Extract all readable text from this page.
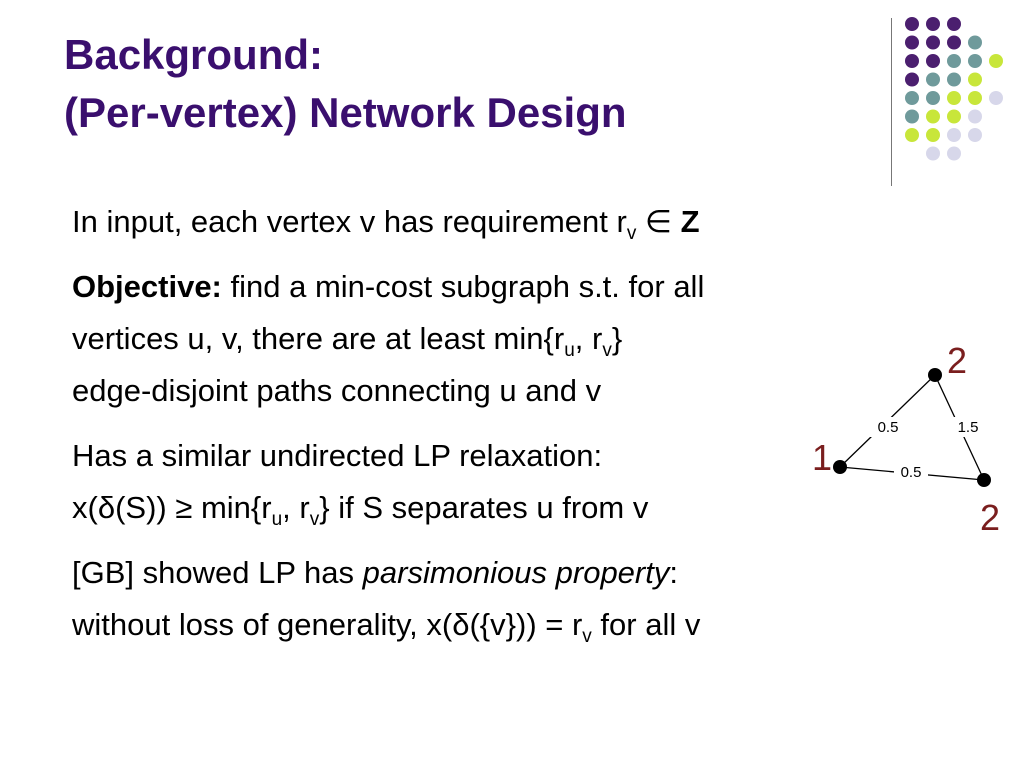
Background:
(Per-vertex) Network Design
In input, each vertex v has requirement $r_v$ ∈ Z
Objective: find a min-cost subgraph s.t. for all
vertices u, v, there are at least $\min\{r_u$, $r_v$}
edge-disjoint paths connecting u and v
Has a similar undirected LP relaxation:
$x(\delta(S)) \ge \min\{r_u$, $r_v$} if S separates u from v
[GB] showed LP has parsimonious property:
without loss of generality, $x(\delta(\{v\})) = r_v$ for all v
0.5	1.5
0.5
2
1
2
